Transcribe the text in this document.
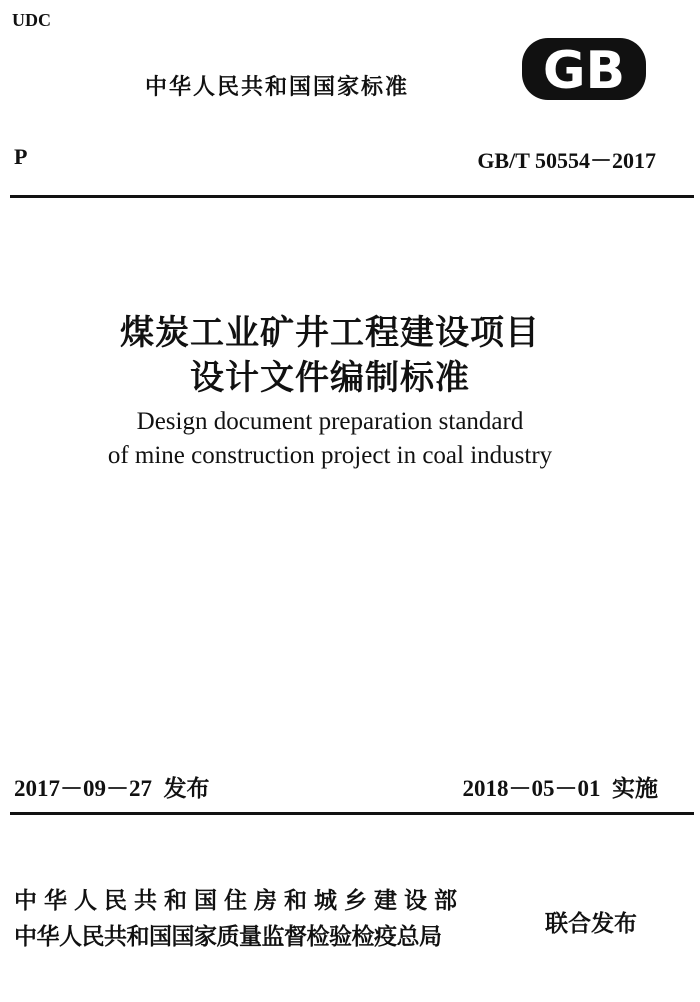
UDC
中华人民共和国国家标准	GB
P	GB/T 50554－2017
煤炭工业矿井工程建设项目
设计文件编制标准
Design document preparation standard
of mine construction project in coal industry
2017－09－27 发布	2018－05－01 实施
中华人民共和国住房和城乡建设部
中华人民共和国国家质量监督检验检疫总局	联合发布
